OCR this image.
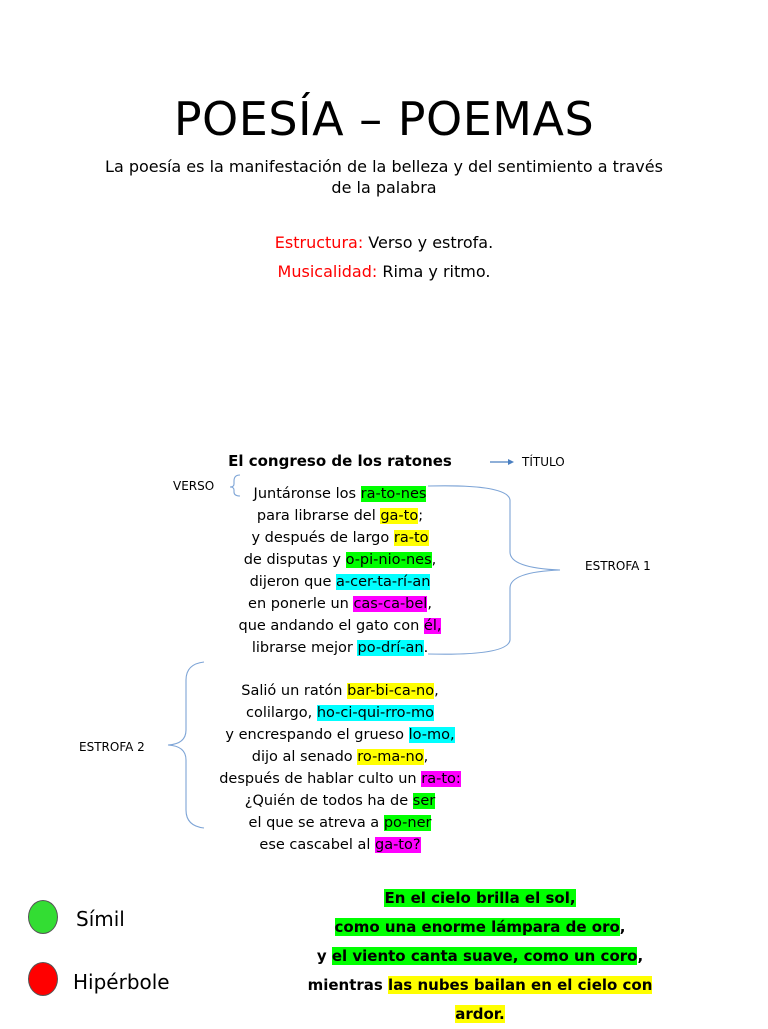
POESÍA – POEMAS
La poesía es la manifestación de la belleza y del sentimiento a través de la palabra
Estructura: Verso y estrofa.
Musicalidad: Rima y ritmo.
El congreso de los ratones	TÍTULO
VERSO
ESTROFA 1
ESTROFA 2
Juntáronse los ra-to-nes
para librarse del ga-to;
y después de largo ra-to
de disputas y o-pi-nio-nes,
dijeron que a-cer-ta-rí-an
en ponerle un cas-ca-bel,
que andando el gato con él,
librarse mejor po-drí-an.
Salió un ratón bar-bi-ca-no,
colilargo, ho-ci-qui-rro-mo
y encrespando el grueso lo-mo,
dijo al senado ro-ma-no,
después de hablar culto un ra-to:
¿Quién de todos ha de ser
el que se atreva a po-ner
ese cascabel al ga-to?
Símil
Hipérbole
En el cielo brilla el sol,
como una enorme lámpara de oro,
y el viento canta suave, como un coro,
mientras las nubes bailan en el cielo con
ardor.
